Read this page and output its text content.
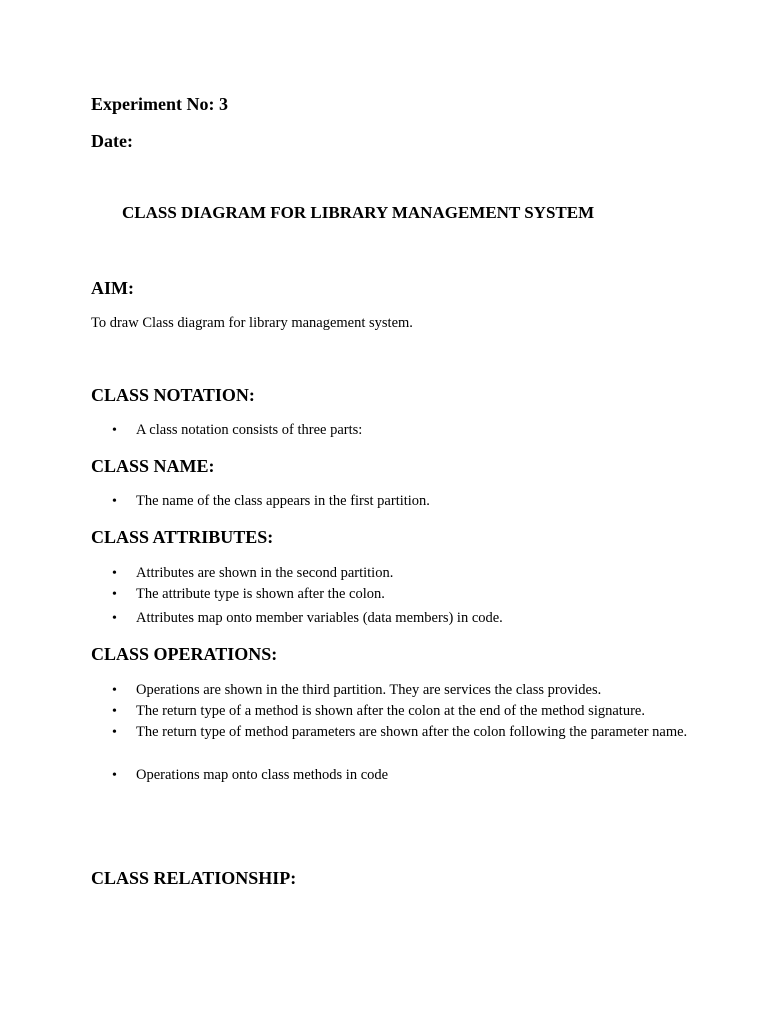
Experiment No: 3
Date:
CLASS DIAGRAM FOR LIBRARY MANAGEMENT SYSTEM
AIM:
To draw Class diagram for library management system.
CLASS NOTATION:
• A class notation consists of three parts:
CLASS NAME:
• The name of the class appears in the first partition.
CLASS ATTRIBUTES:
• Attributes are shown in the second partition.
• The attribute type is shown after the colon.
• Attributes map onto member variables (data members) in code.
CLASS OPERATIONS:
• Operations are shown in the third partition. They are services the class provides.
• The return type of a method is shown after the colon at the end of the method signature.
• The return type of method parameters are shown after the colon following the parameter name.
• Operations map onto class methods in code
CLASS RELATIONSHIP:
